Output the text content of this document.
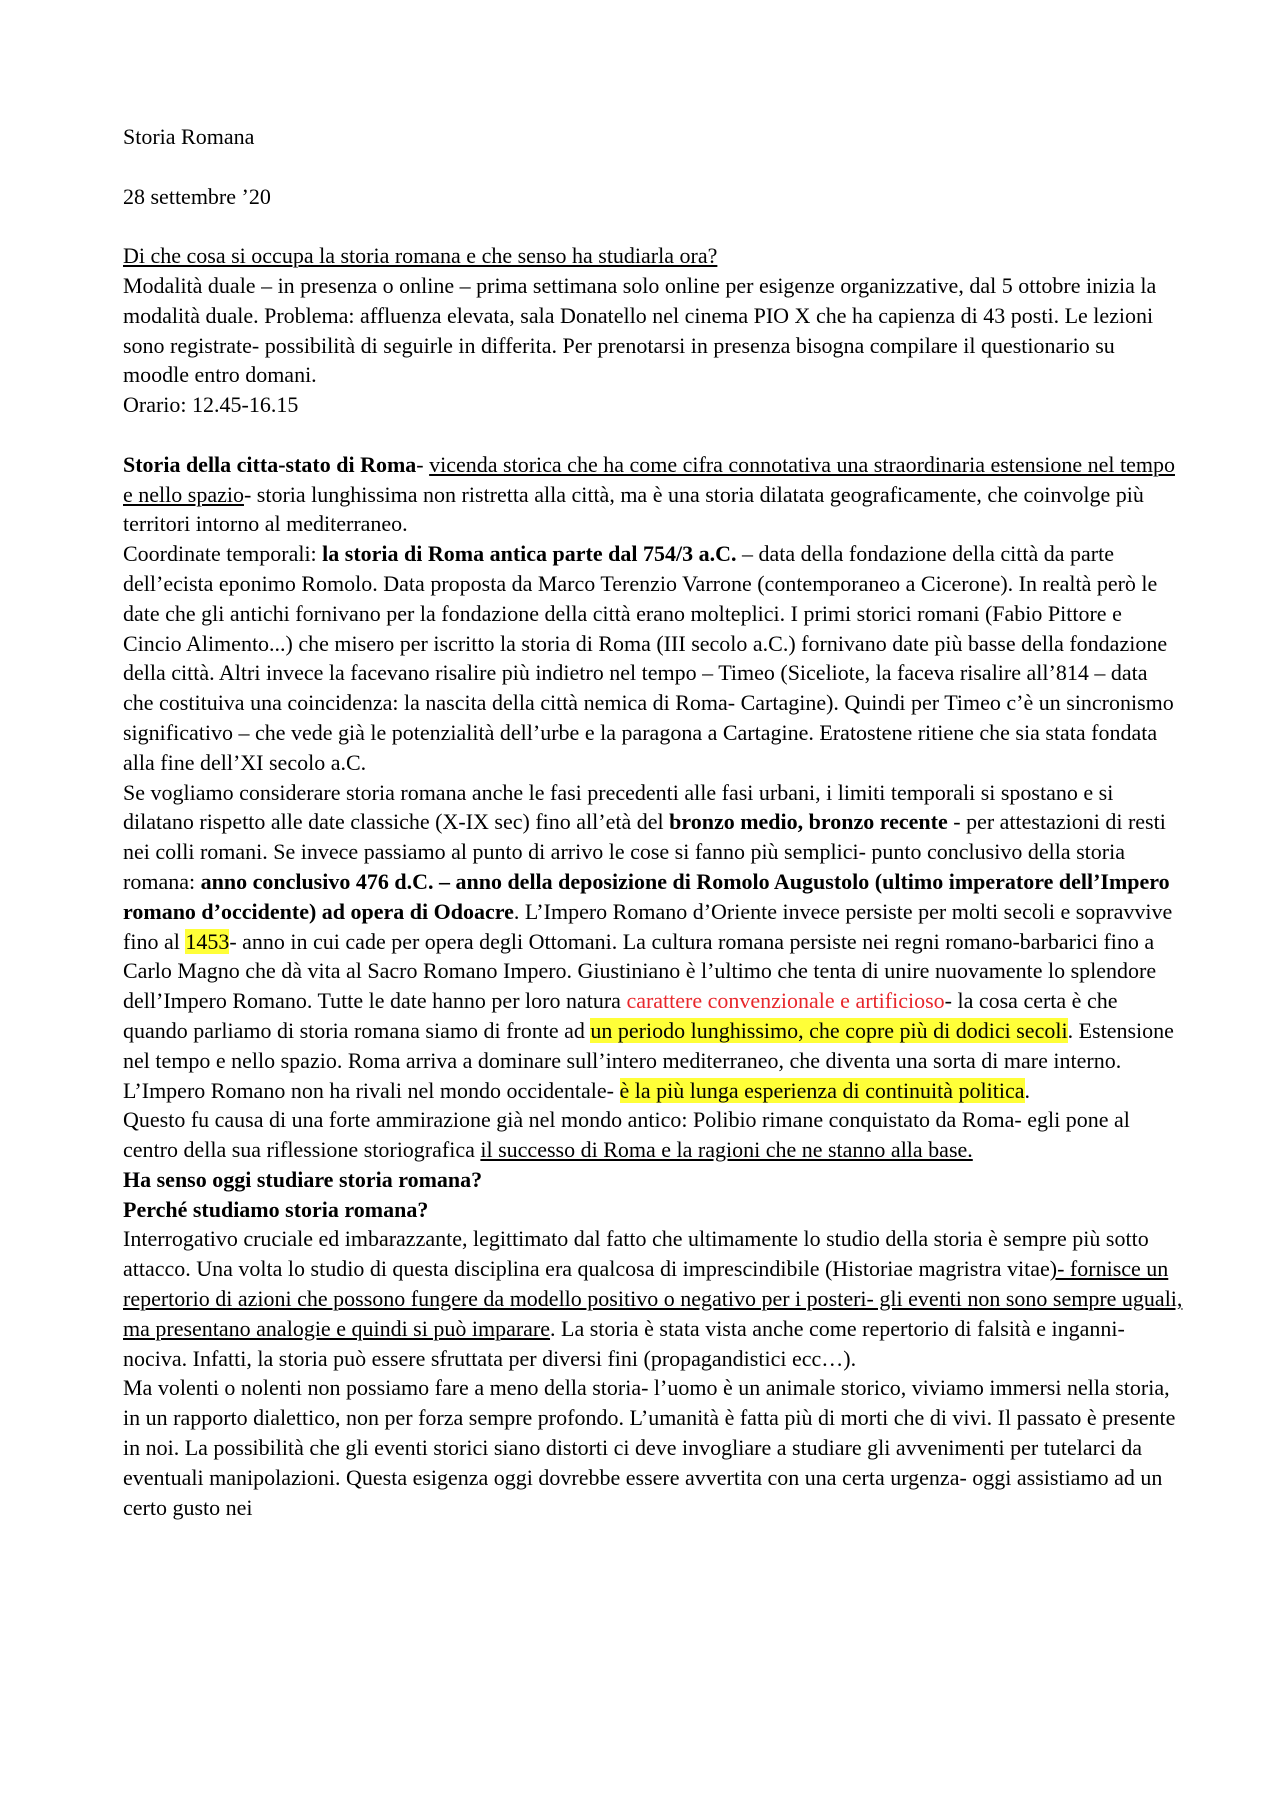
Storia Romana

28 settembre ’20

Di che cosa si occupa la storia romana e che senso ha studiarla ora?

Modalità duale – in presenza o online – prima settimana solo online per esigenze organizzative, dal 5 ottobre inizia la modalità duale. Problema: affluenza elevata, sala Donatello nel cinema PIO X che ha capienza di 43 posti. Le lezioni sono registrate- possibilità di seguirle in differita. Per prenotarsi in presenza bisogna compilare il questionario su moodle entro domani.

Orario: 12.45-16.15

Storia della citta-stato di Roma- vicenda storica che ha come cifra connotativa una straordinaria estensione nel tempo e nello spazio- storia lunghissima non ristretta alla città, ma è una storia dilatata geograficamente, che coinvolge più territori intorno al mediterraneo.

Coordinate temporali: la storia di Roma antica parte dal 754/3 a.C. – data della fondazione della città da parte dell’ecista eponimo Romolo. Data proposta da Marco Terenzio Varrone (contemporaneo a Cicerone). In realtà però le date che gli antichi fornivano per la fondazione della città erano molteplici. I primi storici romani (Fabio Pittore e Cincio Alimento...) che misero per iscritto la storia di Roma (III secolo a.C.) fornivano date più basse della fondazione della città. Altri invece la facevano risalire più indietro nel tempo – Timeo (Siceliote, la faceva risalire all’814 – data che costituiva una coincidenza: la nascita della città nemica di Roma- Cartagine). Quindi per Timeo c’è un sincronismo significativo – che vede già le potenzialità dell’urbe e la paragona a Cartagine. Eratostene ritiene che sia stata fondata alla fine dell’XI secolo a.C.

Se vogliamo considerare storia romana anche le fasi precedenti alle fasi urbani, i limiti temporali si spostano e si dilatano rispetto alle date classiche (X-IX sec) fino all’età del bronzo medio, bronzo recente - per attestazioni di resti nei colli romani. Se invece passiamo al punto di arrivo le cose si fanno più semplici- punto conclusivo della storia romana: anno conclusivo 476 d.C. – anno della deposizione di Romolo Augustolo (ultimo imperatore dell’Impero romano d’occidente) ad opera di Odoacre. L’Impero Romano d’Oriente invece persiste per molti secoli e sopravvive fino al 1453- anno in cui cade per opera degli Ottomani. La cultura romana persiste nei regni romano-barbarici fino a Carlo Magno che dà vita al Sacro Romano Impero. Giustiniano è l’ultimo che tenta di unire nuovamente lo splendore dell’Impero Romano. Tutte le date hanno per loro natura carattere convenzionale e artificioso- la cosa certa è che quando parliamo di storia romana siamo di fronte ad un periodo lunghissimo, che copre più di dodici secoli. Estensione nel tempo e nello spazio. Roma arriva a dominare sull’intero mediterraneo, che diventa una sorta di mare interno. L’Impero Romano non ha rivali nel mondo occidentale- è la più lunga esperienza di continuità politica.

Questo fu causa di una forte ammirazione già nel mondo antico: Polibio rimane conquistato da Roma- egli pone al centro della sua riflessione storiografica il successo di Roma e la ragioni che ne stanno alla base.

Ha senso oggi studiare storia romana?

Perché studiamo storia romana?

Interrogativo cruciale ed imbarazzante, legittimato dal fatto che ultimamente lo studio della storia è sempre più sotto attacco. Una volta lo studio di questa disciplina era qualcosa di imprescindibile (Historiae magristra vitae)- fornisce un repertorio di azioni che possono fungere da modello positivo o negativo per i posteri- gli eventi non sono sempre uguali, ma presentano analogie e quindi si può imparare. La storia è stata vista anche come repertorio di falsità e inganni- nociva. Infatti, la storia può essere sfruttata per diversi fini (propagandistici ecc…).

Ma volenti o nolenti non possiamo fare a meno della storia- l’uomo è un animale storico, viviamo immersi nella storia, in un rapporto dialettico, non per forza sempre profondo. L’umanità è fatta più di morti che di vivi. Il passato è presente in noi. La possibilità che gli eventi storici siano distorti ci deve invogliare a studiare gli avvenimenti per tutelarci da eventuali manipolazioni. Questa esigenza oggi dovrebbe essere avvertita con una certa urgenza- oggi assistiamo ad un certo gusto nei
